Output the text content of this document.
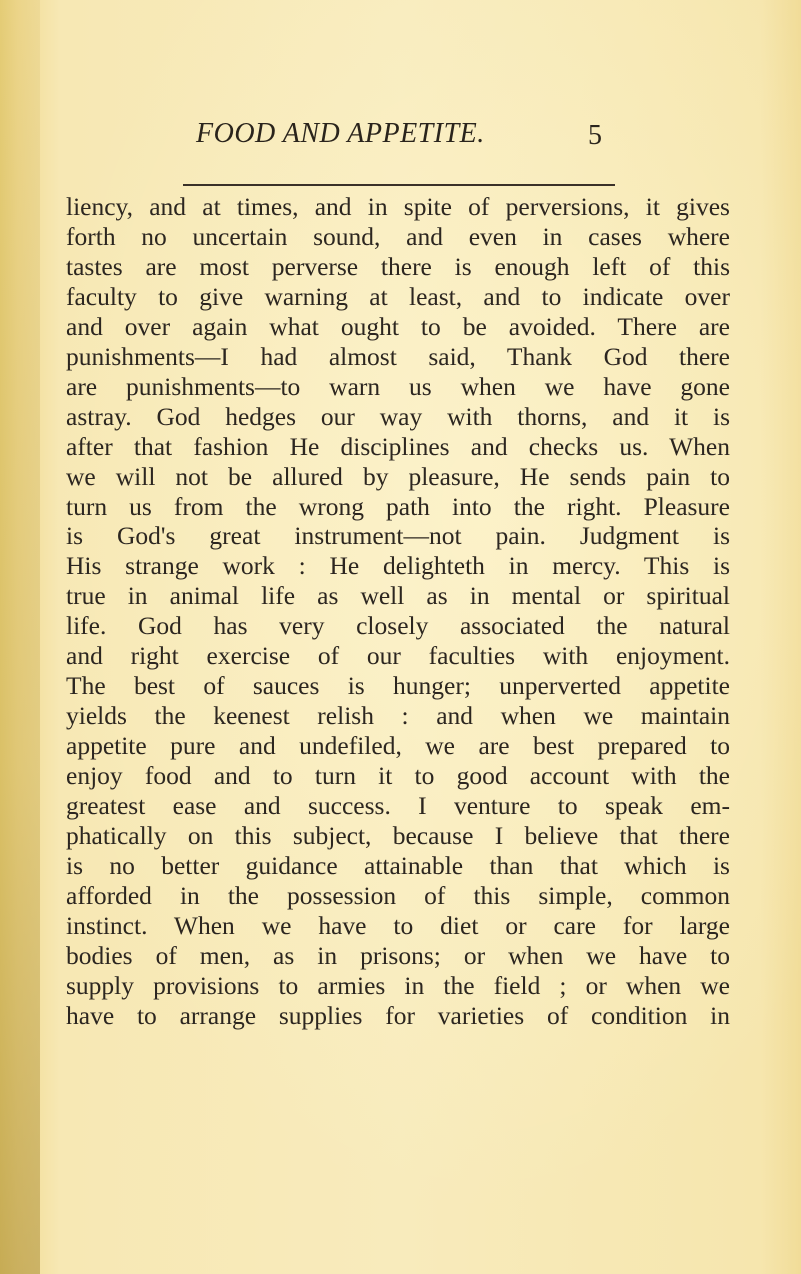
FOOD AND APPETITE.	5
liency, and at times, and in spite of perversions, it gives
forth no uncertain sound, and even in cases where
tastes are most perverse there is enough left of this
faculty to give warning at least, and to indicate over
and over again what ought to be avoided. There are
punishments—I had almost said, Thank God there
are punishments—to warn us when we have gone
astray. God hedges our way with thorns, and it is
after that fashion He disciplines and checks us. When
we will not be allured by pleasure, He sends pain to
turn us from the wrong path into the right. Pleasure
is God's great instrument—not pain. Judgment is
His strange work : He delighteth in mercy. This is
true in animal life as well as in mental or spiritual
life. God has very closely associated the natural
and right exercise of our faculties with enjoyment.
The best of sauces is hunger; unperverted appetite
yields the keenest relish : and when we maintain
appetite pure and undefiled, we are best prepared to
enjoy food and to turn it to good account with the
greatest ease and success. I venture to speak em-
phatically on this subject, because I believe that there
is no better guidance attainable than that which is
afforded in the possession of this simple, common
instinct. When we have to diet or care for large
bodies of men, as in prisons; or when we have to
supply provisions to armies in the field ; or when we
have to arrange supplies for varieties of condition in
